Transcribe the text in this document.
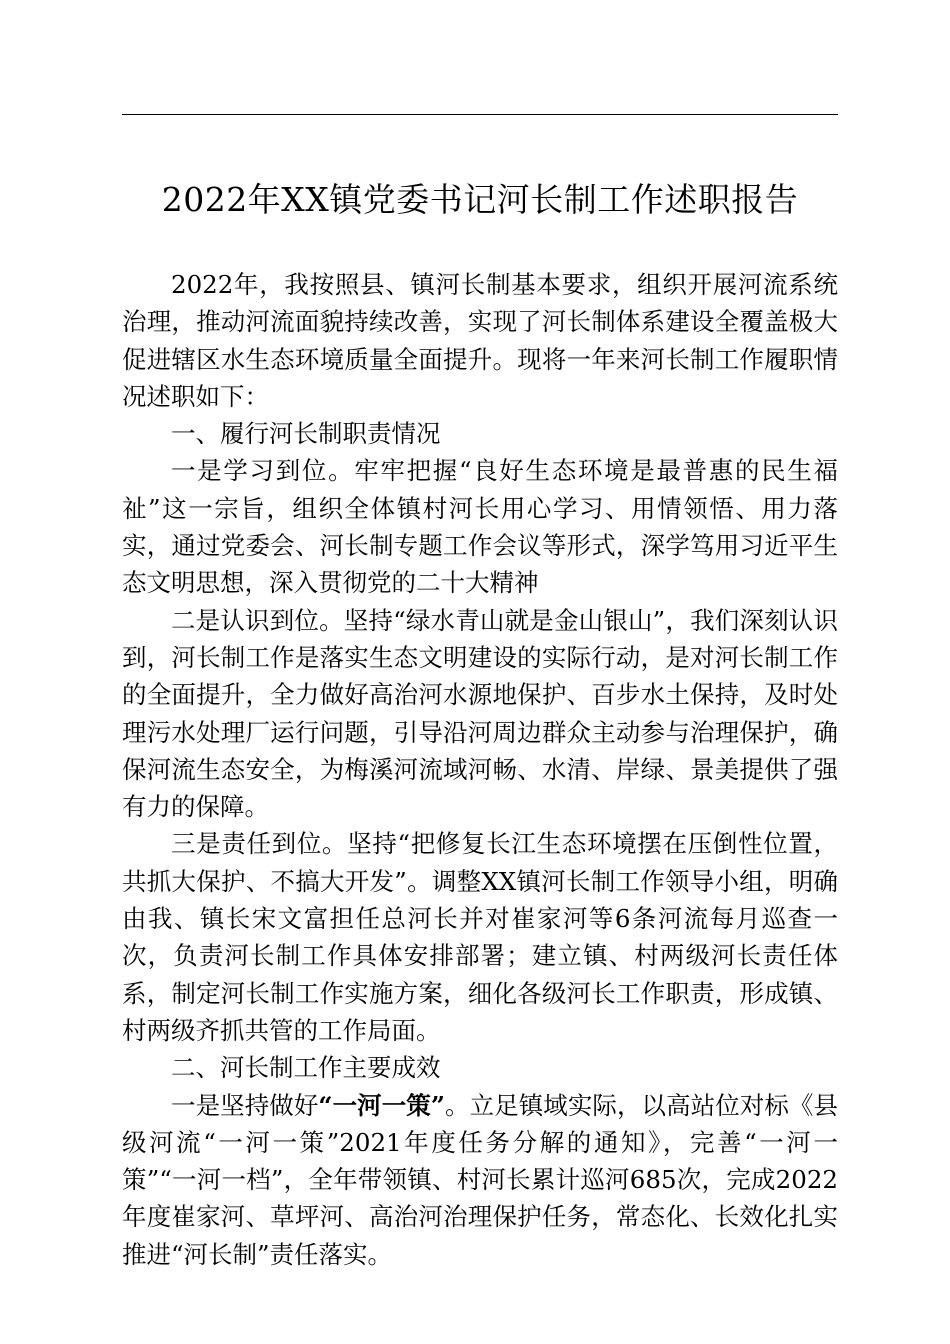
2022年XX镇党委书记河长制工作述职报告

2022年，我按照县、镇河长制基本要求，组织开展河流系统治理，推动河流面貌持续改善，实现了河长制体系建设全覆盖极大促进辖区水生态环境质量全面提升。现将一年来河长制工作履职情况述职如下：

一、履行河长制职责情况

一是学习到位。牢牢把握“良好生态环境是最普惠的民生福祉”这一宗旨，组织全体镇村河长用心学习、用情领悟、用力落实，通过党委会、河长制专题工作会议等形式，深学笃用习近平生态文明思想，深入贯彻党的二十大精神

二是认识到位。坚持“绿水青山就是金山银山”，我们深刻认识到，河长制工作是落实生态文明建设的实际行动，是对河长制工作的全面提升，全力做好高治河水源地保护、百步水土保持，及时处理污水处理厂运行问题，引导沿河周边群众主动参与治理保护，确保河流生态安全，为梅溪河流域河畅、水清、岸绿、景美提供了强有力的保障。

三是责任到位。坚持“把修复长江生态环境摆在压倒性位置，共抓大保护、不搞大开发”。调整XX镇河长制工作领导小组，明确由我、镇长宋文富担任总河长并对崔家河等6条河流每月巡查一次，负责河长制工作具体安排部署；建立镇、村两级河长责任体系，制定河长制工作实施方案，细化各级河长工作职责，形成镇、村两级齐抓共管的工作局面。

二、河长制工作主要成效

一是坚持做好“一河一策”。立足镇域实际，以高站位对标《县级河流“一河一策”2021年度任务分解的通知》，完善“一河一策”“一河一档”，全年带领镇、村河长累计巡河685次，完成2022年度崔家河、草坪河、高治河治理保护任务，常态化、长效化扎实推进“河长制”责任落实。
